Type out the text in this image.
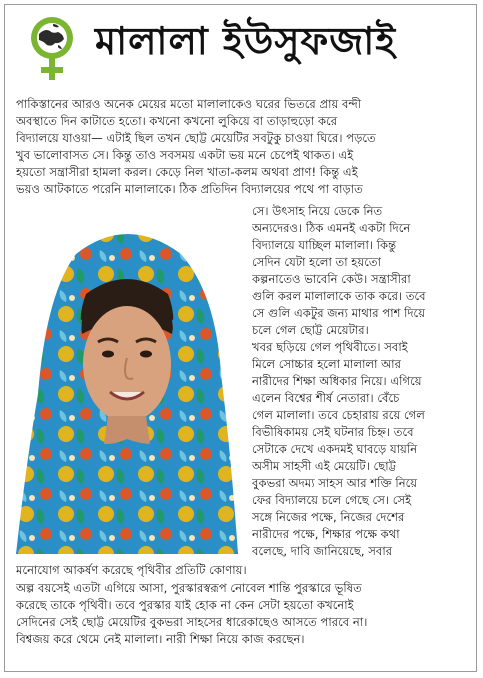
মালালা ইউসুফজাই

পাকিস্তানের আরও অনেক মেয়ের মতো মালালাকেও ঘরের ভিতরে প্রায় বন্দী

অবস্থাতে দিন কাটাতে হতো। কখনো কখনো লুকিয়ে বা তাড়াহুড়ো করে

বিদ্যালয়ে যাওয়া— এটাই ছিল তখন ছোট্ট মেয়েটির সবটুকু চাওয়া ঘিরে। পড়তে

খুব ভালোবাসত সে। কিন্তু তাও সবসময় একটা ভয় মনে চেপেই থাকত। এই

হয়তো সন্ত্রাসীরা হামলা করল। কেড়ে নিল খাতা-কলম অথবা প্রাণ! কিন্তু এই

ভয়ও আটকাতে পরেনি মালালাকে। ঠিক প্রতিদিন বিদ্যালয়ের পথে পা বাড়াত

সে। উৎসাহ নিয়ে ডেকে নিত

অন্যদেরও। ঠিক এমনই একটা দিনে

বিদ্যালয়ে যাচ্ছিল মালালা। কিন্তু

সেদিন যেটা হলো তা হয়তো

কল্পনাতেও ভাবেনি কেউ। সন্ত্রাসীরা

গুলি করল মালালাকে তাক করে। তবে

সে গুলি একটুর জন্য মাথার পাশ দিয়ে

চলে গেল ছোট্ট মেয়েটার।

খবর ছড়িয়ে গেল পৃথিবীতে। সবাই

মিলে সোচ্চার হলো মালালা আর

নারীদের শিক্ষা অধিকার নিয়ে। এগিয়ে

এলেন বিশ্বের শীর্ষ নেতারা। বেঁচে

গেল মালালা। তবে চেহারায় রয়ে গেল

বিভীষিকাময় সেই ঘটনার চিহ্ন। তবে

সেটাকে দেখে একদমই ঘাবড়ে যায়নি

অসীম সাহসী এই মেয়েটি। ছোট্ট

বুকভরা অদম্য সাহস আর শক্তি নিয়ে

ফের বিদ্যালয়ে চলে গেছে সে। সেই

সঙ্গে নিজের পক্ষে, নিজের দেশের

নারীদের পক্ষে, শিক্ষার পক্ষে কথা

বলেছে, দাবি জানিয়েছে, সবার

মনোযোগ আকর্ষণ করেছে পৃথিবীর প্রতিটি কোণায়।

অল্প বয়সেই এতটা এগিয়ে আসা, পুরস্কারস্বরূপ নোবেল শান্তি পুরস্কারে ভূষিত

করেছে তাকে পৃথিবী। তবে পুরস্কার যাই হোক না কেন সেটা হয়তো কখনোই

সেদিনের সেই ছোট্ট মেয়েটির বুকভরা সাহসের ধারেকাছেও আসতে পারবে না।

বিশ্বজয় করে থেমে নেই মালালা। নারী শিক্ষা নিয়ে কাজ করছেন।
